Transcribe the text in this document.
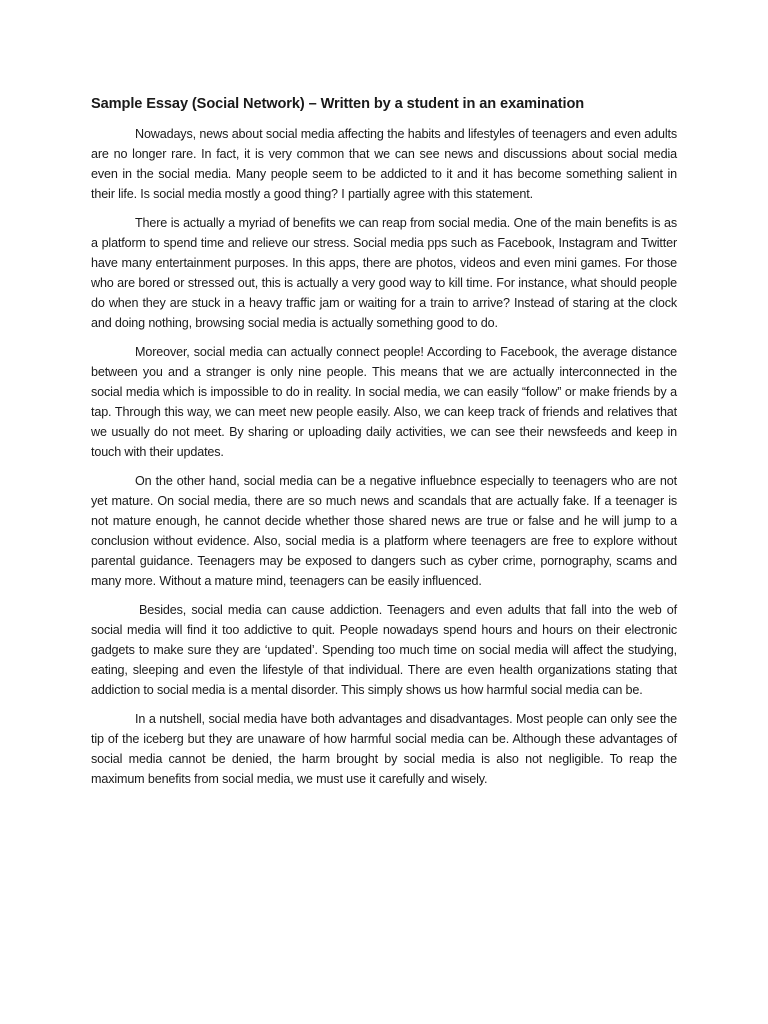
Sample Essay (Social Network) – Written by a student in an examination

Nowadays, news about social media affecting the habits and lifestyles of teenagers and even adults are no longer rare. In fact, it is very common that we can see news and discussions about social media even in the social media. Many people seem to be addicted to it and it has become something salient in their life. Is social media mostly a good thing? I partially agree with this statement.

There is actually a myriad of benefits we can reap from social media. One of the main benefits is as a platform to spend time and relieve our stress. Social media pps such as Facebook, Instagram and Twitter have many entertainment purposes. In this apps, there are photos, videos and even mini games. For those who are bored or stressed out, this is actually a very good way to kill time. For instance, what should people do when they are stuck in a heavy traffic jam or waiting for a train to arrive? Instead of staring at the clock and doing nothing, browsing social media is actually something good to do.

Moreover, social media can actually connect people! According to Facebook, the average distance between you and a stranger is only nine people. This means that we are actually interconnected in the social media which is impossible to do in reality. In social media, we can easily “follow” or make friends by a tap. Through this way, we can meet new people easily. Also, we can keep track of friends and relatives that we usually do not meet. By sharing or uploading daily activities, we can see their newsfeeds and keep in touch with their updates.

On the other hand, social media can be a negative influebnce especially to teenagers who are not yet mature. On social media, there are so much news and scandals that are actually fake. If a teenager is not mature enough, he cannot decide whether those shared news are true or false and he will jump to a conclusion without evidence. Also, social media is a platform where teenagers are free to explore without parental guidance. Teenagers may be exposed to dangers such as cyber crime, pornography, scams and many more. Without a mature mind, teenagers can be easily influenced.

Besides, social media can cause addiction. Teenagers and even adults that fall into the web of social media will find it too addictive to quit. People nowadays spend hours and hours on their electronic gadgets to make sure they are ‘updated’. Spending too much time on social media will affect the studying, eating, sleeping and even the lifestyle of that individual. There are even health organizations stating that addiction to social media is a mental disorder. This simply shows us how harmful social media can be.

In a nutshell, social media have both advantages and disadvantages. Most people can only see the tip of the iceberg but they are unaware of how harmful social media can be. Although these advantages of social media cannot be denied, the harm brought by social media is also not negligible. To reap the maximum benefits from social media, we must use it carefully and wisely.
